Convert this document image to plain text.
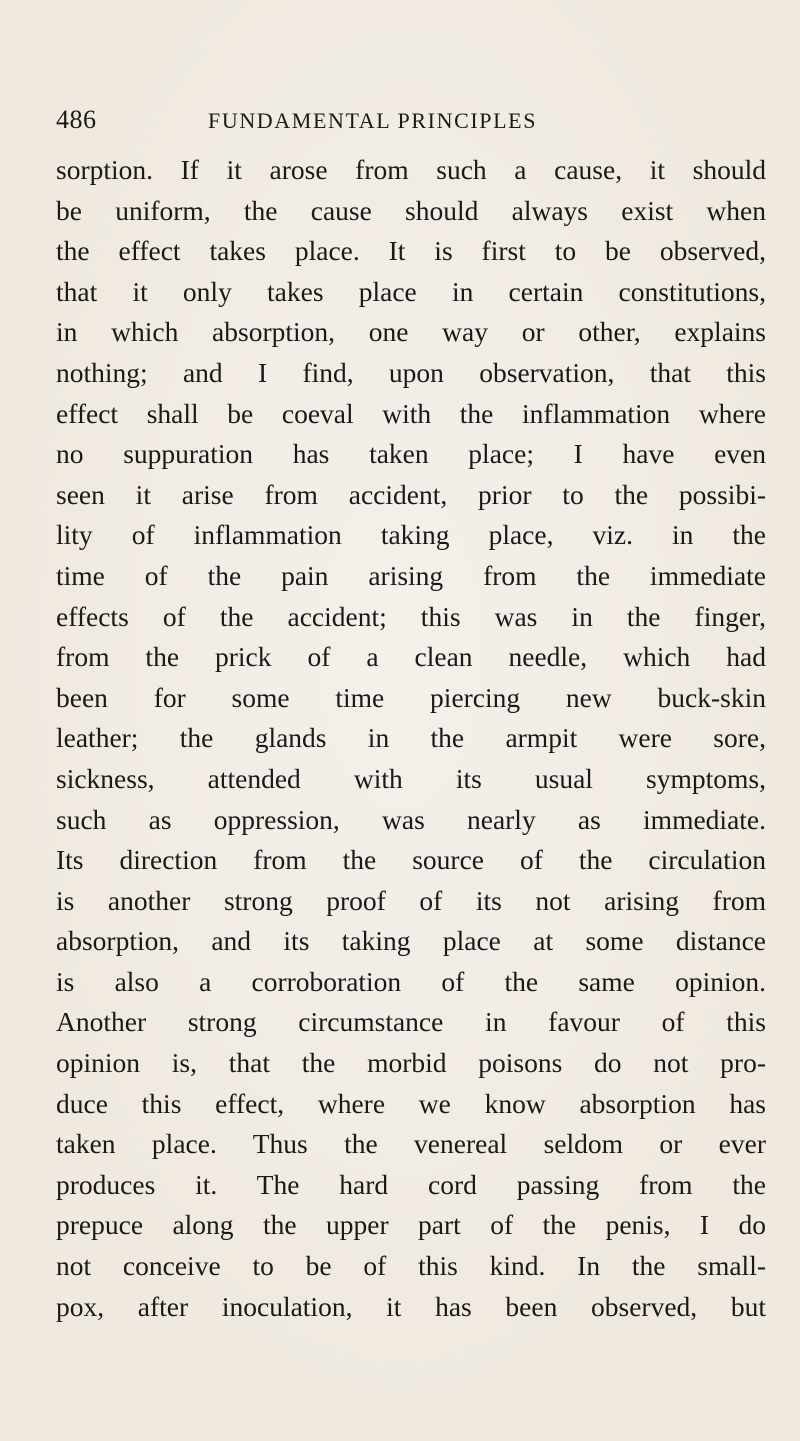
486	FUNDAMENTAL PRINCIPLES
sorption. If it arose from such a cause, it should
be uniform, the cause should always exist when
the effect takes place. It is first to be observed,
that it only takes place in certain constitutions,
in which absorption, one way or other, explains
nothing; and I find, upon observation, that this
effect shall be coeval with the inflammation where
no suppuration has taken place; I have even
seen it arise from accident, prior to the possibi-
lity of inflammation taking place, viz. in the
time of the pain arising from the immediate
effects of the accident; this was in the finger,
from the prick of a clean needle, which had
been for some time piercing new buck-skin
leather; the glands in the armpit were sore,
sickness, attended with its usual symptoms,
such as oppression, was nearly as immediate.
Its direction from the source of the circulation
is another strong proof of its not arising from
absorption, and its taking place at some distance
is also a corroboration of the same opinion.
Another strong circumstance in favour of this
opinion is, that the morbid poisons do not pro-
duce this effect, where we know absorption has
taken place. Thus the venereal seldom or ever
produces it. The hard cord passing from the
prepuce along the upper part of the penis, I do
not conceive to be of this kind. In the small-
pox, after inoculation, it has been observed, but
